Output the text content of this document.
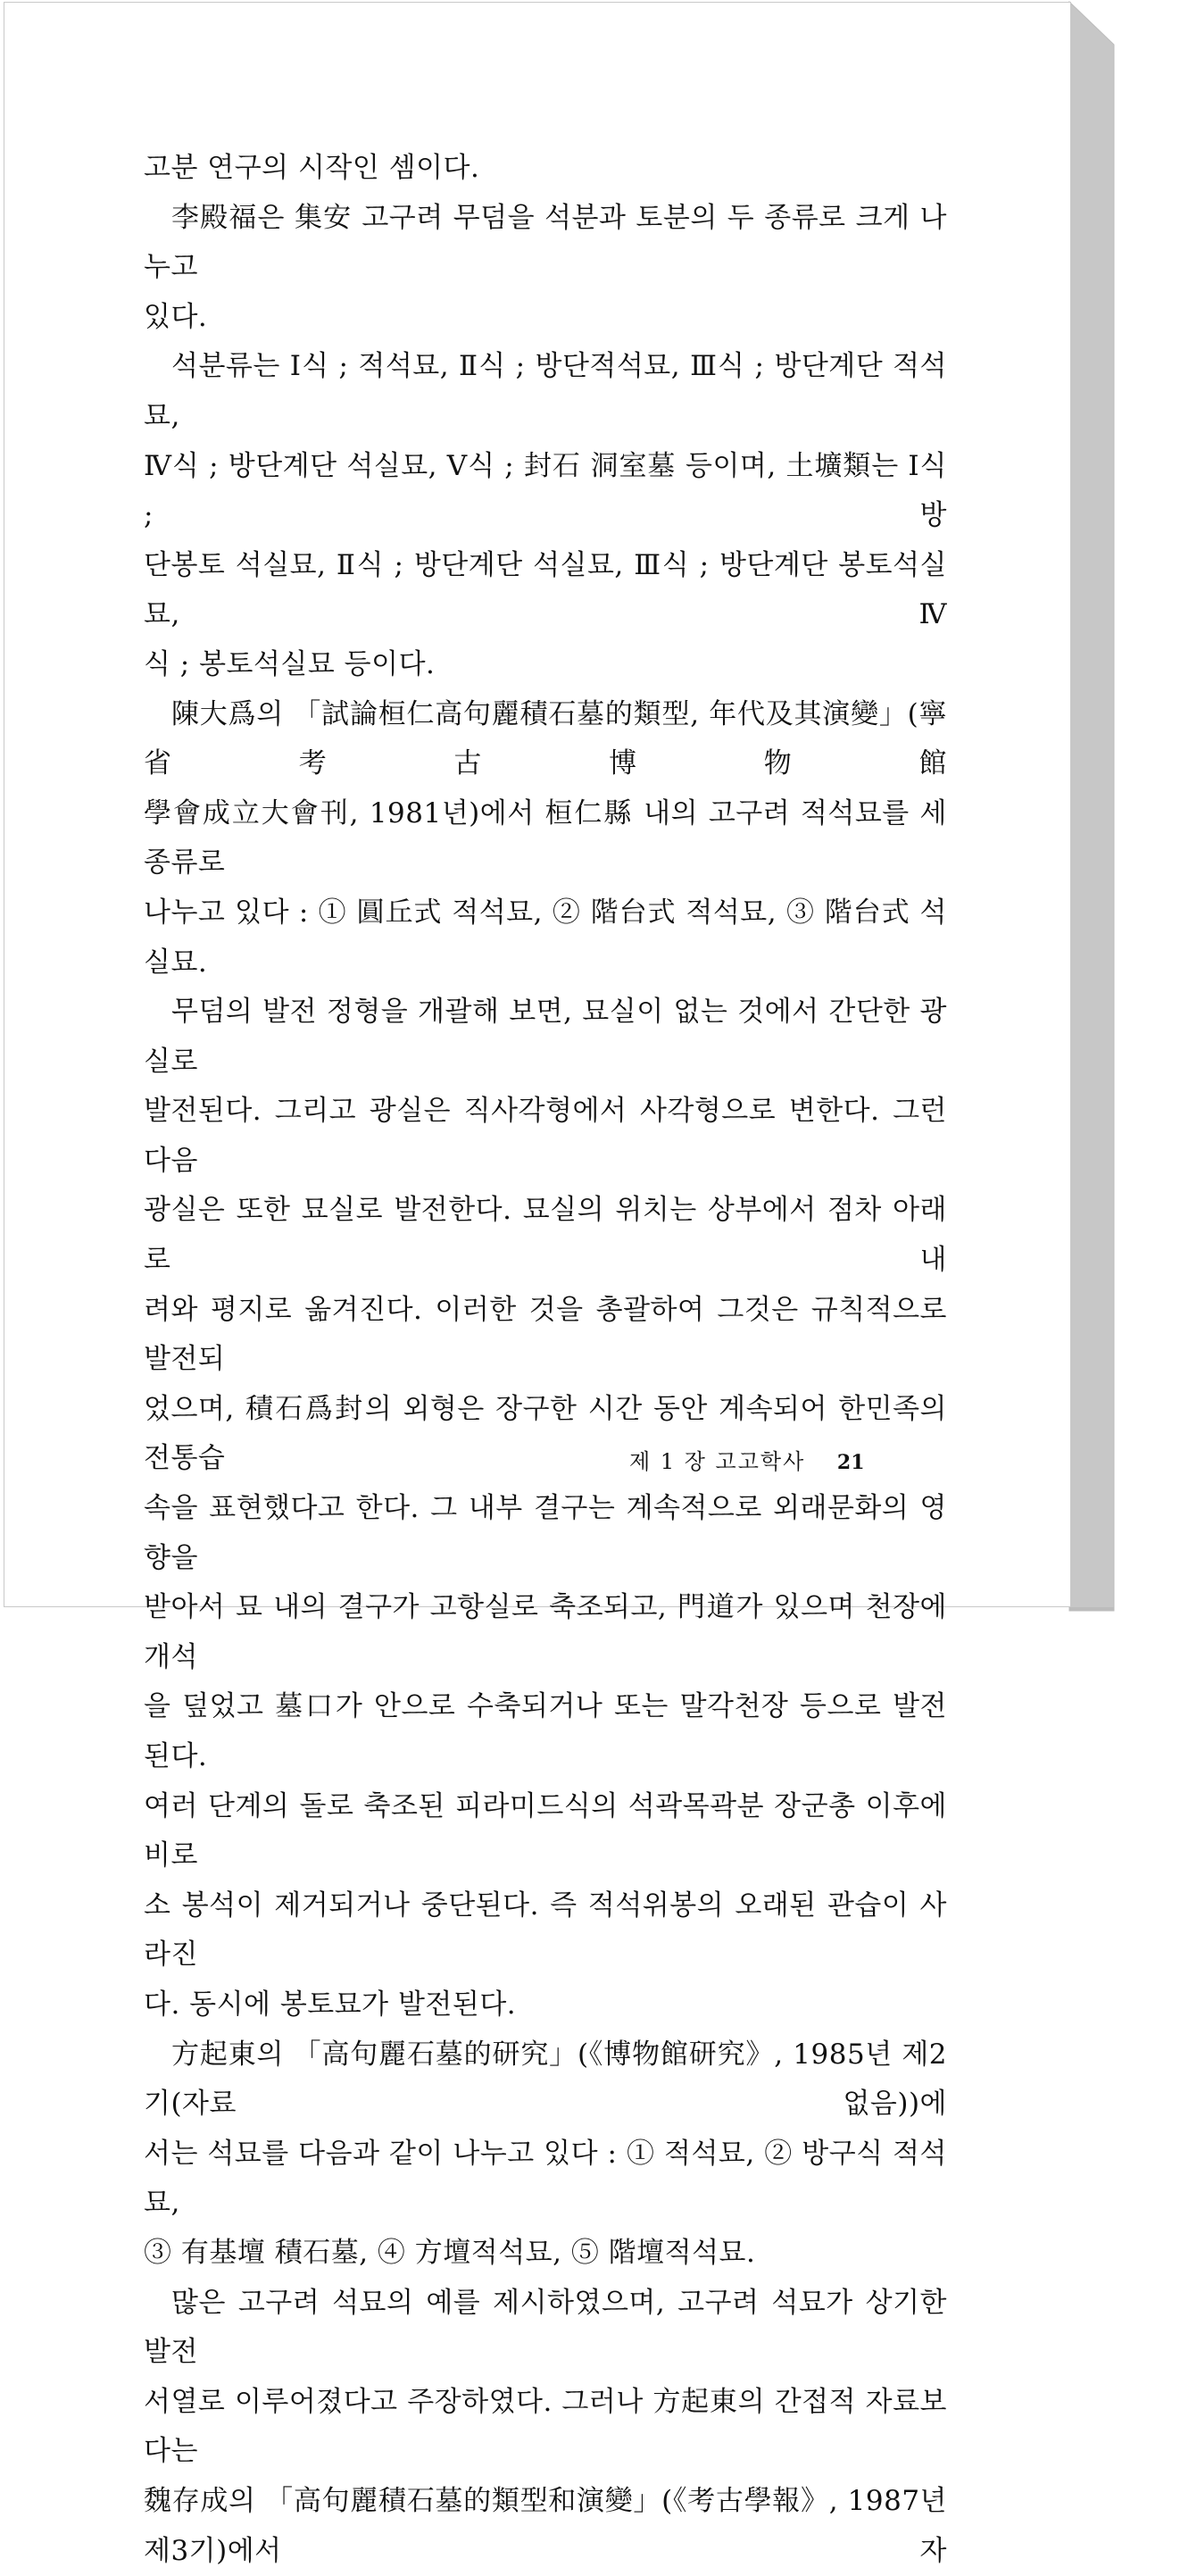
고분 연구의 시작인 셈이다.

李殿福은 集安 고구려 무덤을 석분과 토분의 두 종류로 크게 나누고

있다.

석분류는 Ⅰ식 ; 적석묘, Ⅱ식 ; 방단적석묘, Ⅲ식 ; 방단계단 적석묘,

Ⅳ식 ; 방단계단 석실묘, Ⅴ식 ; 封石 洞室墓 등이며, 土壙類는 Ⅰ식 ; 방

단봉토 석실묘, Ⅱ식 ; 방단계단 석실묘, Ⅲ식 ; 방단계단 봉토석실묘, Ⅳ

식 ; 봉토석실묘 등이다.

陳大爲의 「試論桓仁高句麗積石墓的類型, 年代及其演變」(寧省考古博物館

學會成立大會刊, 1981년)에서 桓仁縣 내의 고구려 적석묘를 세 종류로

나누고 있다 : ① 圓丘式 적석묘, ② 階台式 적석묘, ③ 階台式 석실묘.

무덤의 발전 정형을 개괄해 보면, 묘실이 없는 것에서 간단한 광실로

발전된다. 그리고 광실은 직사각형에서 사각형으로 변한다. 그런 다음

광실은 또한 묘실로 발전한다. 묘실의 위치는 상부에서 점차 아래로 내

려와 평지로 옮겨진다. 이러한 것을 총괄하여 그것은 규칙적으로 발전되

었으며, 積石爲封의 외형은 장구한 시간 동안 계속되어 한민족의 전통습

속을 표현했다고 한다. 그 내부 결구는 계속적으로 외래문화의 영향을

받아서 묘 내의 결구가 고항실로 축조되고, 門道가 있으며 천장에 개석

을 덮었고 墓口가 안으로 수축되거나 또는 말각천장 등으로 발전된다.

여러 단계의 돌로 축조된 피라미드식의 석곽목곽분 장군총 이후에 비로

소 봉석이 제거되거나 중단된다. 즉 적석위봉의 오래된 관습이 사라진

다. 동시에 봉토묘가 발전된다.

方起東의 「高句麗石墓的研究」(《博物館研究》, 1985년 제2기(자료 없음))에

서는 석묘를 다음과 같이 나누고 있다 : ① 적석묘, ② 방구식 적석묘,

③ 有基壇 積石墓, ④ 方壇적석묘, ⑤ 階壇적석묘.

많은 고구려 석묘의 예를 제시하였으며, 고구려 석묘가 상기한 발전

서열로 이루어졌다고 주장하였다. 그러나 方起東의 간접적 자료보다는

魏存成의 「高句麗積石墓的類型和演變」(《考古學報》, 1987년 제3기)에서 자

제 1 장 고고학사 21
